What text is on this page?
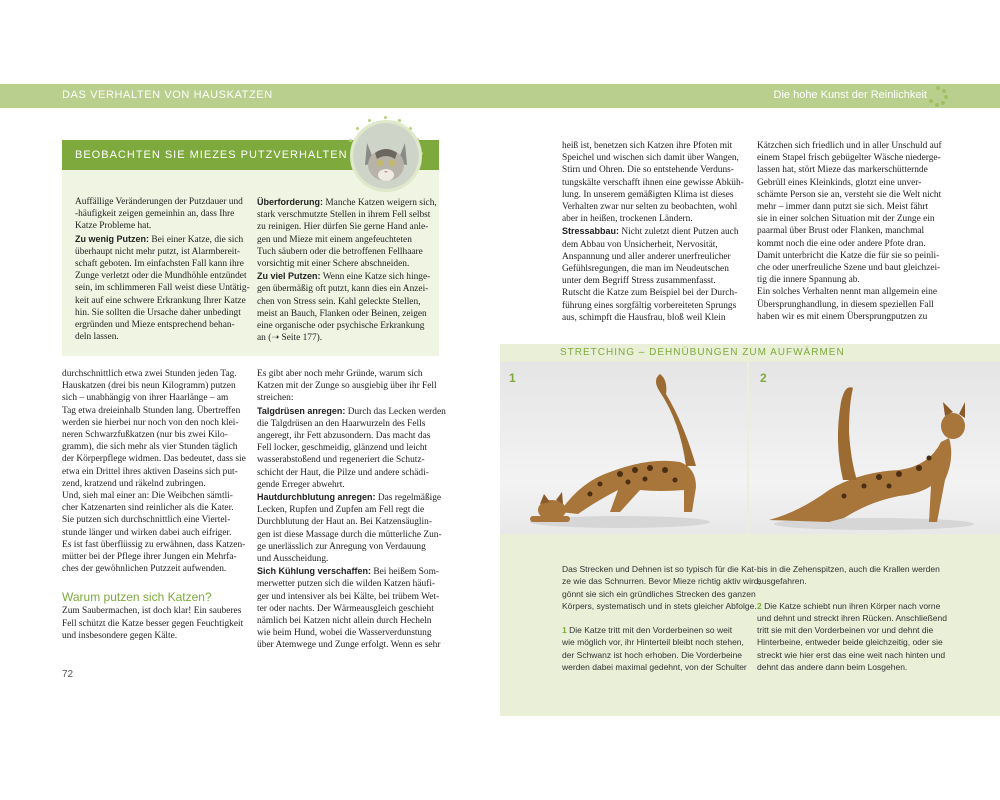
DAS VERHALTEN VON HAUSKATZEN	Die hohe Kunst der Reinlichkeit
BEOBACHTEN SIE MIEZES PUTZVERHALTEN

Auffällige Veränderungen der Putzdauer und

-häufigkeit zeigen gemeinhin an, dass Ihre

Katze Probleme hat.

Zu wenig Putzen: Bei einer Katze, die sich

überhaupt nicht mehr putzt, ist Alarmbereit-

schaft geboten. Im einfachsten Fall kann ihre

Zunge verletzt oder die Mundhöhle entzündet

sein, im schlimmeren Fall weist diese Untätig-

keit auf eine schwere Erkrankung Ihrer Katze

hin. Sie sollten die Ursache daher unbedingt

ergründen und Mieze entsprechend behan-

deln lassen.

Überforderung: Manche Katzen weigern sich,

stark verschmutzte Stellen in ihrem Fell selbst

zu reinigen. Hier dürfen Sie gerne Hand anle-

gen und Mieze mit einem angefeuchteten

Tuch säubern oder die betroffenen Fellhaare

vorsichtig mit einer Schere abschneiden.

Zu viel Putzen: Wenn eine Katze sich hinge-

gen übermäßig oft putzt, kann dies ein Anzei-

chen von Stress sein. Kahl geleckte Stellen,

meist an Bauch, Flanken oder Beinen, zeigen

eine organische oder psychische Erkrankung

an (➝ Seite 177).

durchschnittlich etwa zwei Stunden jeden Tag.

Hauskatzen (drei bis neun Kilogramm) putzen

sich – unabhängig von ihrer Haarlänge – am

Tag etwa dreieinhalb Stunden lang. Übertreffen

werden sie hierbei nur noch von den noch klei-

neren Schwarzfußkatzen (nur bis zwei Kilo-

gramm), die sich mehr als vier Stunden täglich

der Körperpflege widmen. Das bedeutet, dass sie

etwa ein Drittel ihres aktiven Daseins sich put-

zend, kratzend und räkelnd zubringen.

Und, sieh mal einer an: Die Weibchen sämtli-

cher Katzenarten sind reinlicher als die Kater.

Sie putzen sich durchschnittlich eine Viertel-

stunde länger und wirken dabei auch eifriger.

Es ist fast überflüssig zu erwähnen, dass Katzen-

mütter bei der Pflege ihrer Jungen ein Mehrfa-

ches der gewöhnlichen Putzzeit aufwenden.

Warum putzen sich Katzen?

Zum Saubermachen, ist doch klar! Ein sauberes

Fell schützt die Katze besser gegen Feuchtigkeit

und insbesondere gegen Kälte.

Es gibt aber noch mehr Gründe, warum sich

Katzen mit der Zunge so ausgiebig über ihr Fell

streichen:

Talgdrüsen anregen: Durch das Lecken werden

die Talgdrüsen an den Haarwurzeln des Fells

angeregt, ihr Fett abzusondern. Das macht das

Fell locker, geschmeidig, glänzend und leicht

wasserabstoßend und regeneriert die Schutz-

schicht der Haut, die Pilze und andere schädi-

gende Erreger abwehrt.

Hautdurchblutung anregen: Das regelmäßige

Lecken, Rupfen und Zupfen am Fell regt die

Durchblutung der Haut an. Bei Katzensäuglin-

gen ist diese Massage durch die mütterliche Zun-

ge unerlässlich zur Anregung von Verdauung

und Ausscheidung.

Sich Kühlung verschaffen: Bei heißem Som-

merwetter putzen sich die wilden Katzen häufi-

ger und intensiver als bei Kälte, bei trübem Wet-

ter oder nachts. Der Wärmeausgleich geschieht

nämlich bei Katzen nicht allein durch Hecheln

wie beim Hund, wobei die Wasserverdunstung

über Atemwege und Zunge erfolgt. Wenn es sehr

72

heiß ist, benetzen sich Katzen ihre Pfoten mit

Speichel und wischen sich damit über Wangen,

Stirn und Ohren. Die so entstehende Verduns-

tungskälte verschafft ihnen eine gewisse Abküh-

lung. In unserem gemäßigten Klima ist dieses

Verhalten zwar nur selten zu beobachten, wohl

aber in heißen, trockenen Ländern.

Stressabbau: Nicht zuletzt dient Putzen auch

dem Abbau von Unsicherheit, Nervosität,

Anspannung und aller anderer unerfreulicher

Gefühlsregungen, die man im Neudeutschen

unter dem Begriff Stress zusammenfasst.

Rutscht die Katze zum Beispiel bei der Durch-

führung eines sorgfältig vorbereiteten Sprungs

aus, schimpft die Hausfrau, bloß weil Klein

Kätzchen sich friedlich und in aller Unschuld auf

einem Stapel frisch gebügelter Wäsche niederge-

lassen hat, stört Mieze das markerschütternde

Gebrüll eines Kleinkinds, glotzt eine unver-

schämte Person sie an, versteht sie die Welt nicht

mehr – immer dann putzt sie sich. Meist fährt

sie in einer solchen Situation mit der Zunge ein

paarmal über Brust oder Flanken, manchmal

kommt noch die eine oder andere Pfote dran.

Damit unterbricht die Katze die für sie so peinli-

che oder unerfreuliche Szene und baut gleichzei-

tig die innere Spannung ab.

Ein solches Verhalten nennt man allgemein eine

Übersprunghandlung, in diesem speziellen Fall

haben wir es mit einem Übersprungputzen zu

STRETCHING – DEHNÜBUNGEN ZUM AUFWÄRMEN
1	2

Das Strecken und Dehnen ist so typisch für die Kat-

ze wie das Schnurren. Bevor Mieze richtig aktiv wird,

gönnt sie sich ein gründliches Strecken des ganzen

Körpers, systematisch und in stets gleicher Abfolge.

1 Die Katze tritt mit den Vorderbeinen so weit

wie möglich vor, ihr Hinterteil bleibt noch stehen,

der Schwanz ist hoch erhoben. Die Vorderbeine

werden dabei maximal gedehnt, von der Schulter

bis in die Zehenspitzen, auch die Krallen werden

ausgefahren.

2 Die Katze schiebt nun ihren Körper nach vorne

und dehnt und streckt ihren Rücken. Anschließend

tritt sie mit den Vorderbeinen vor und dehnt die

Hinterbeine, entweder beide gleichzeitig, oder sie

streckt wie hier erst das eine weit nach hinten und

dehnt das andere dann beim Losgehen.
